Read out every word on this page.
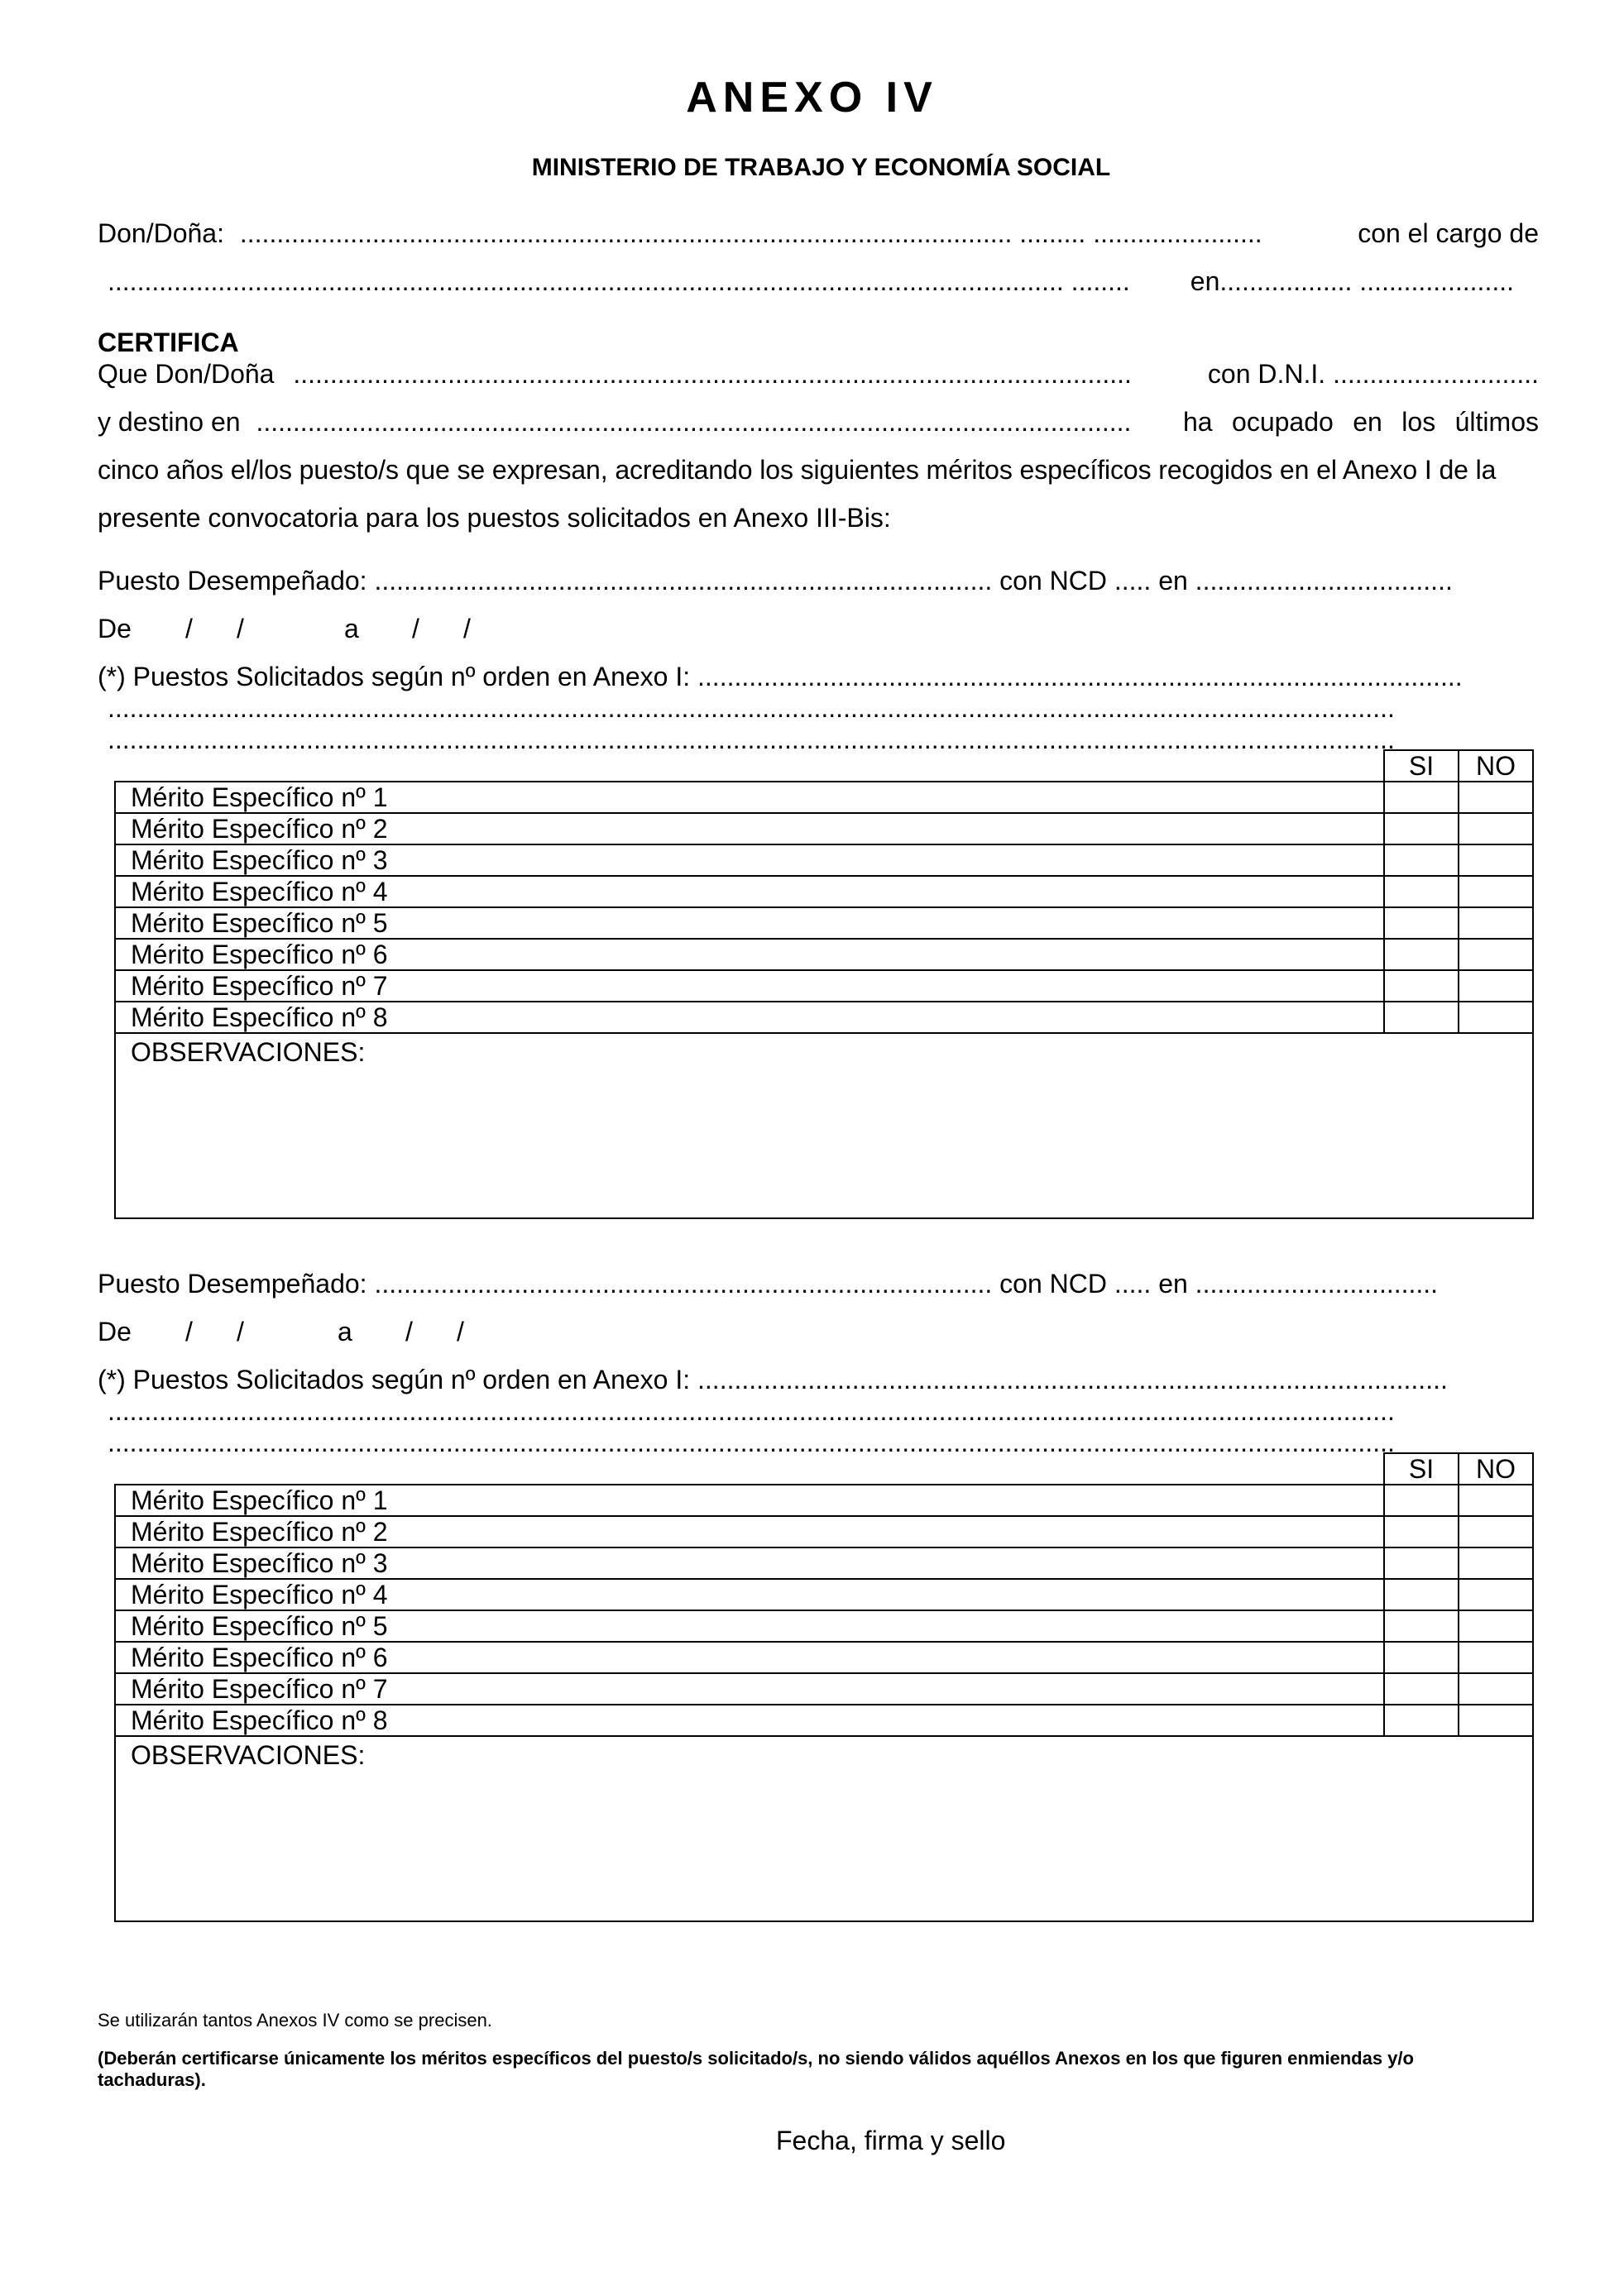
ANEXO IV
MINISTERIO DE TRABAJO Y ECONOMÍA SOCIAL
Don/Doña: ......................................................................................................... ......... .......................	con el cargo de
.................................................................................................................................. ........ en.................. .....................
CERTIFICA
Que Don/Doña ..................................................................................................................	con D.N.I. ............................
y destino en ....................................................................................................................... ha ocupado en los últimos
cinco años el/los puesto/s que se expresan, acreditando los siguientes méritos específicos recogidos en el Anexo I de la
presente convocatoria para los puestos solicitados en Anexo III-Bis:
Puesto Desempeñado: .................................................................................... con NCD ..... en ...................................
De / /	a / /
(*) Puestos Solicitados según nº orden en Anexo I: ........................................................................................................
...............................................................................................................................................................................
...............................................................................................................................................................................
	SI	NO
Mérito Específico nº 1		
Mérito Específico nº 2		
Mérito Específico nº 3		
Mérito Específico nº 4		
Mérito Específico nº 5		
Mérito Específico nº 6		
Mérito Específico nº 7		
Mérito Específico nº 8		
OBSERVACIONES:		
Puesto Desempeñado: .................................................................................... con NCD ..... en .................................
De / /	a / /
(*) Puestos Solicitados según nº orden en Anexo I: ......................................................................................................
...............................................................................................................................................................................
...............................................................................................................................................................................
	SI	NO
Mérito Específico nº 1		
Mérito Específico nº 2		
Mérito Específico nº 3		
Mérito Específico nº 4		
Mérito Específico nº 5		
Mérito Específico nº 6		
Mérito Específico nº 7		
Mérito Específico nº 8		
OBSERVACIONES:		
Se utilizarán tantos Anexos IV como se precisen.
(Deberán certificarse únicamente los méritos específicos del puesto/s solicitado/s, no siendo válidos aquéllos Anexos en los que figuren enmiendas y/o
tachaduras).
Fecha, firma y sello
